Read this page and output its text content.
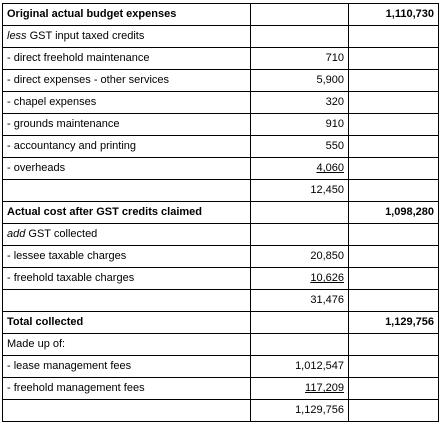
Original actual budget expenses		1,110,730
less GST input taxed credits		
- direct freehold maintenance	710	
- direct expenses - other services	5,900	
- chapel expenses	320	
- grounds maintenance	910	
- accountancy and printing	550	
- overheads	4,060	
	12,450	
Actual cost after GST credits claimed		1,098,280
add GST collected		
- lessee taxable charges	20,850	
- freehold taxable charges	10,626	
	31,476	
Total collected		1,129,756
Made up of:		
- lease management fees	1,012,547	
- freehold management fees	117,209	
	1,129,756	
